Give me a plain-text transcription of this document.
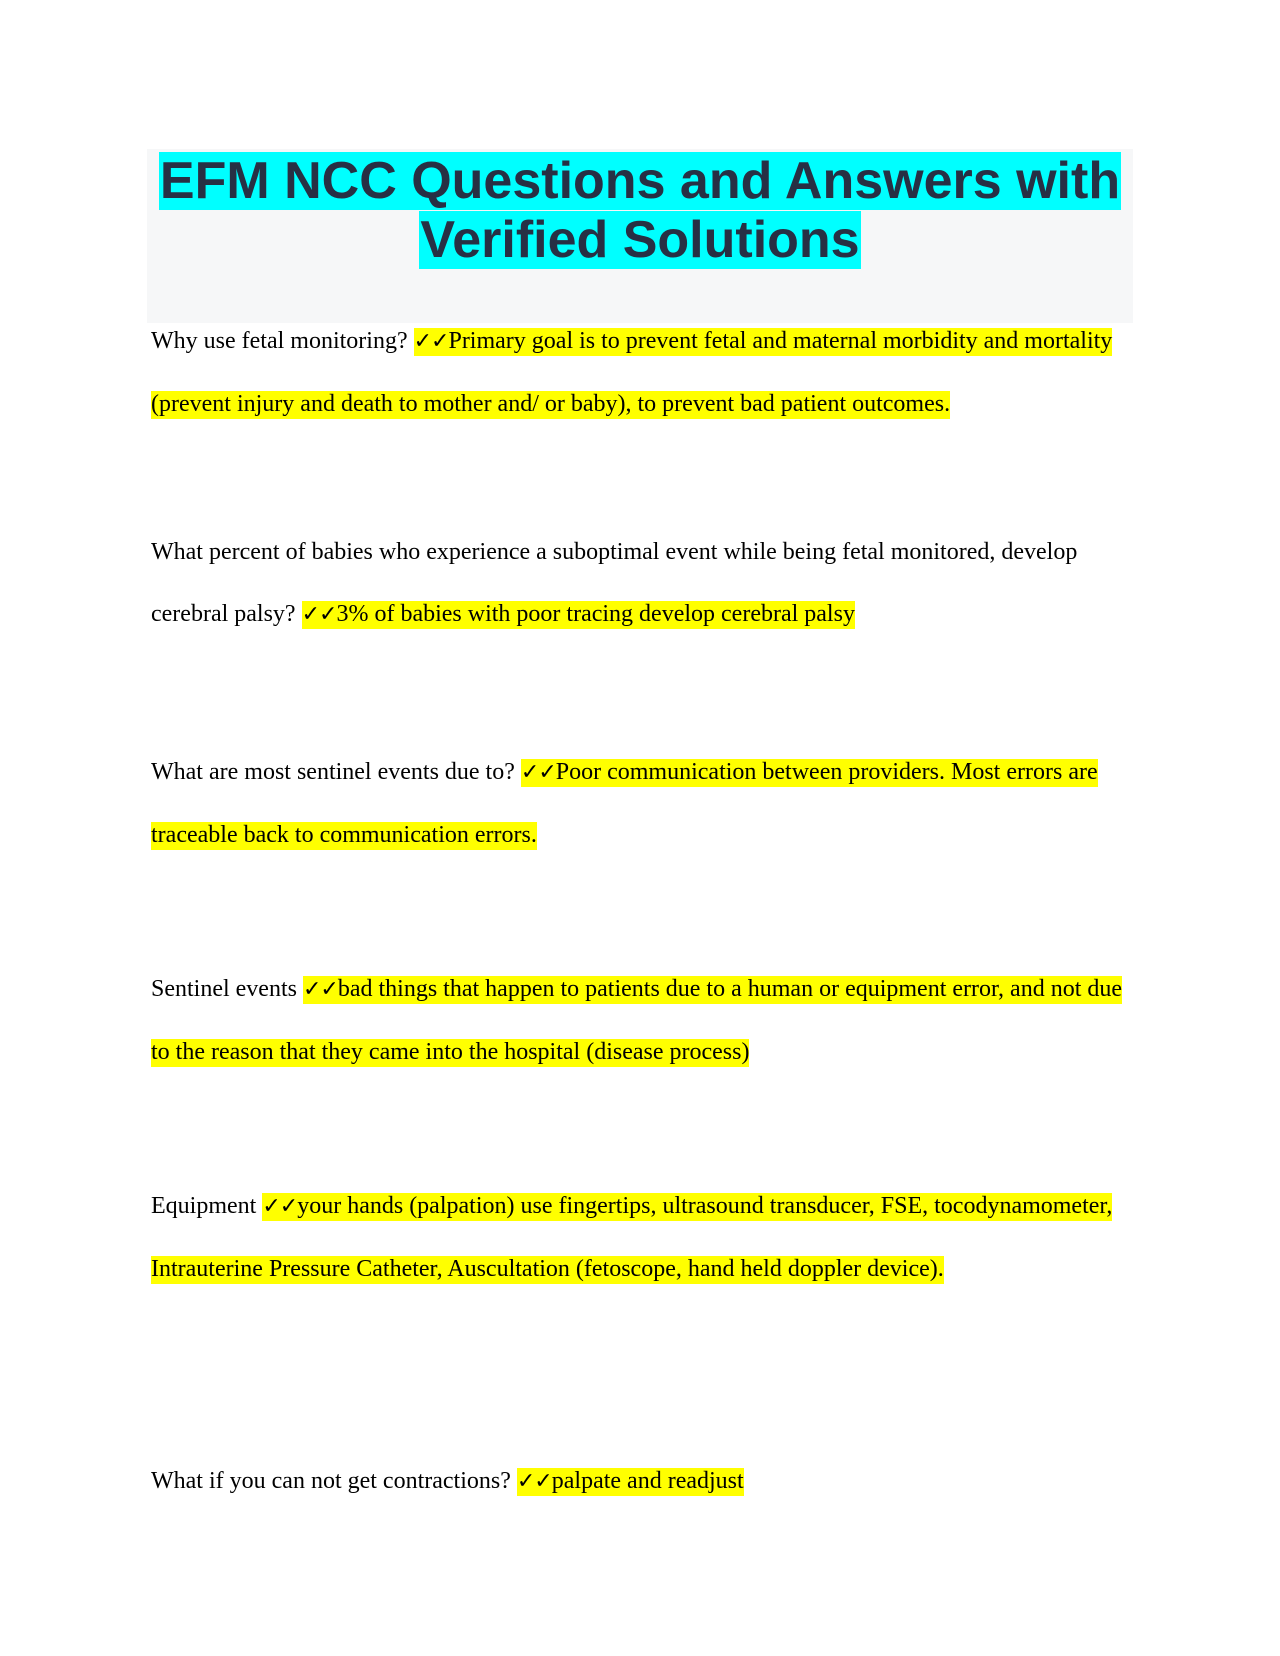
EFM NCC Questions and Answers with
Verified Solutions
Why use fetal monitoring? ✓✓Primary goal is to prevent fetal and maternal morbidity and mortality (prevent injury and death to mother and/ or baby), to prevent bad patient outcomes.
What percent of babies who experience a suboptimal event while being fetal monitored, develop cerebral palsy? ✓✓3% of babies with poor tracing develop cerebral palsy
What are most sentinel events due to? ✓✓Poor communication between providers. Most errors are traceable back to communication errors.
Sentinel events ✓✓bad things that happen to patients due to a human or equipment error, and not due to the reason that they came into the hospital (disease process)
Equipment ✓✓your hands (palpation) use fingertips, ultrasound transducer, FSE, tocodynamometer, Intrauterine Pressure Catheter, Auscultation (fetoscope, hand held doppler device).
What if you can not get contractions? ✓✓palpate and readjust
